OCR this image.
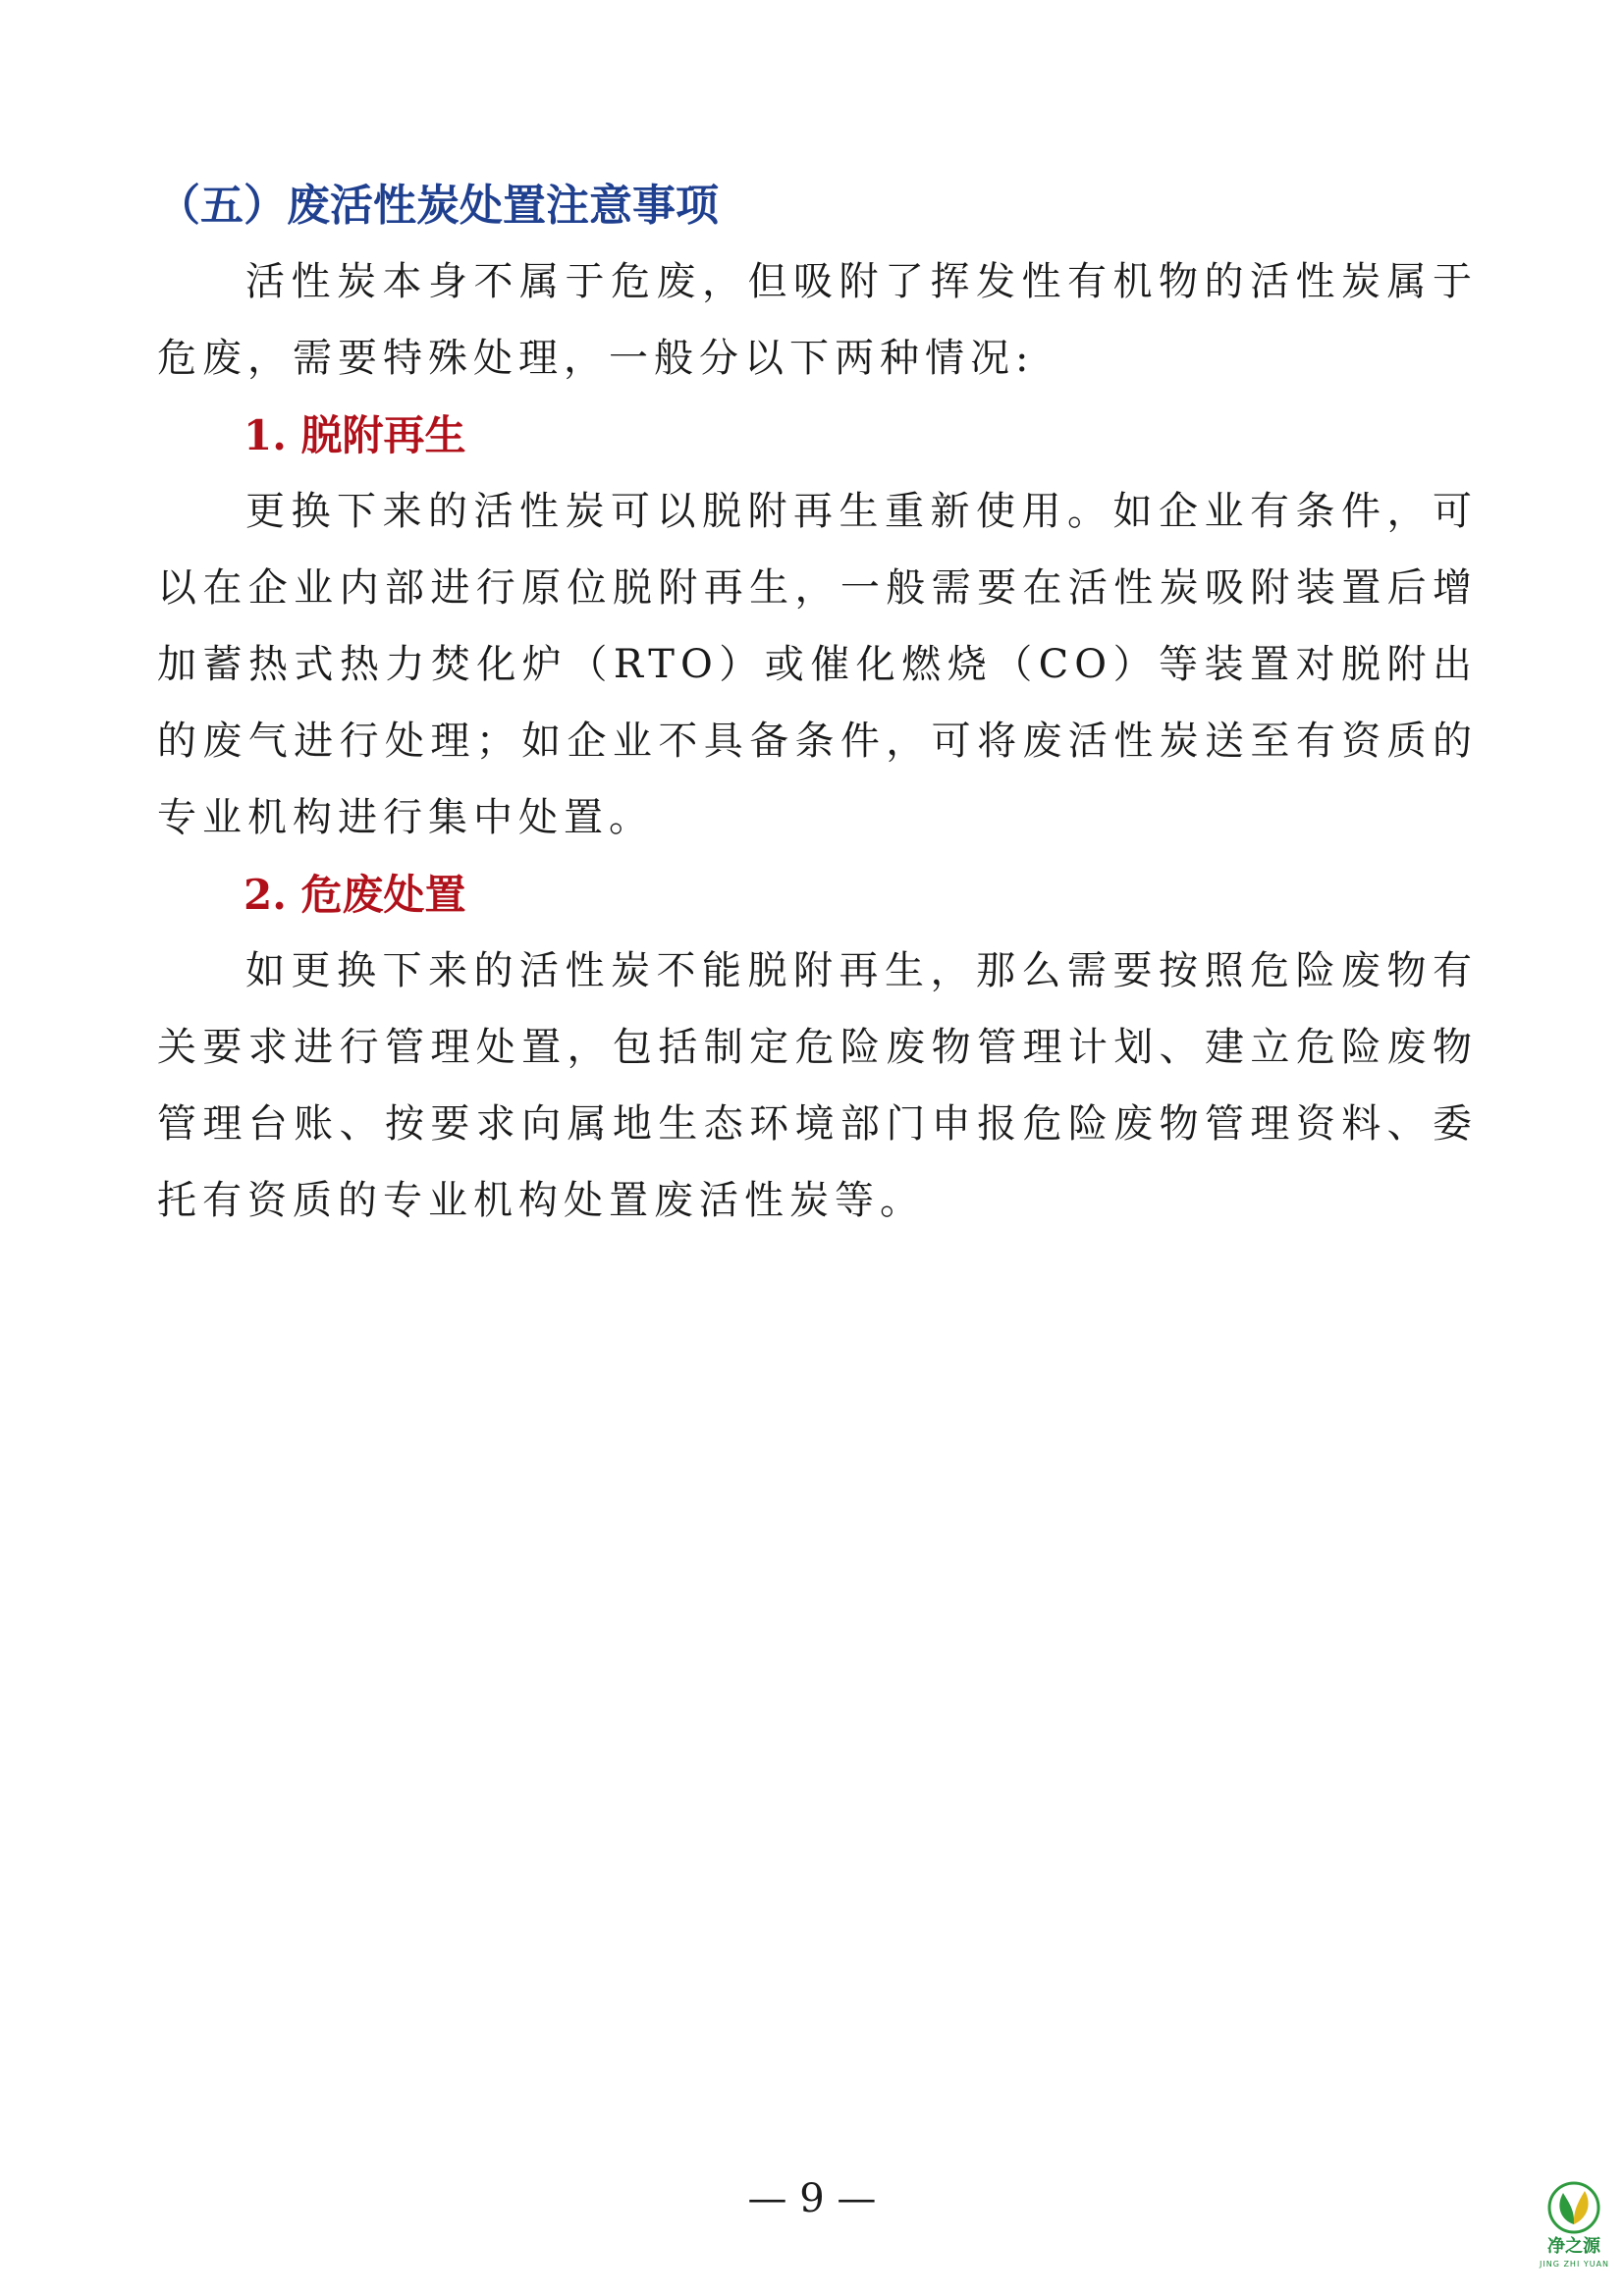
（五）废活性炭处置注意事项

活性炭本身不属于危废，但吸附了挥发性有机物的活性炭属于危废，需要特殊处理，一般分以下两种情况:

1. 脱附再生

更换下来的活性炭可以脱附再生重新使用。如企业有条件，可以在企业内部进行原位脱附再生，一般需要在活性炭吸附装置后增加蓄热式热力焚化炉（RTO）或催化燃烧（CO）等装置对脱附出的废气进行处理；如企业不具备条件，可将废活性炭送至有资质的专业机构进行集中处置。

2. 危废处置

如更换下来的活性炭不能脱附再生，那么需要按照危险废物有关要求进行管理处置，包括制定危险废物管理计划、建立危险废物管理台账、按要求向属地生态环境部门申报危险废物管理资料、委托有资质的专业机构处置废活性炭等。

— 9 —
净之源
JING ZHI YUAN
